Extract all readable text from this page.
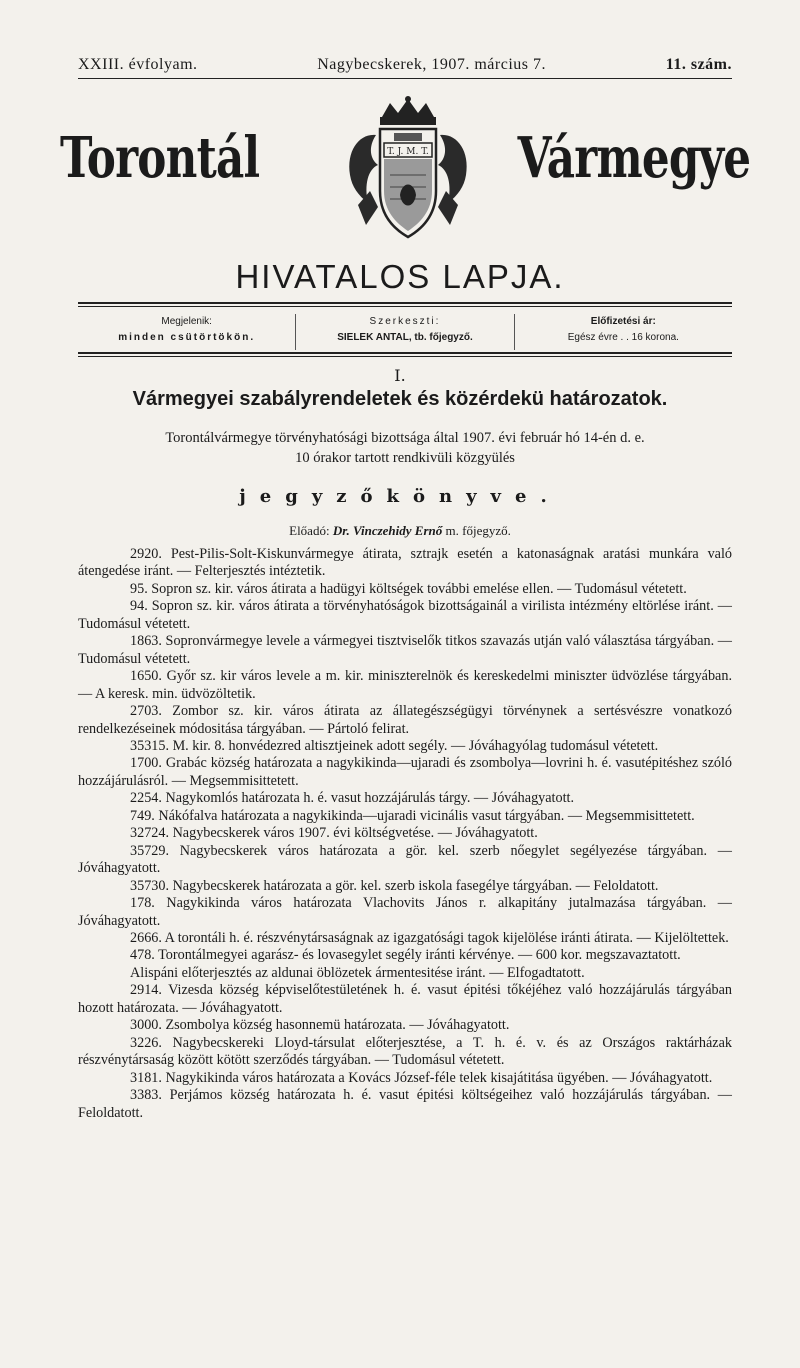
XXIII. évfolyam.	Nagybecskerek, 1907. március 7.	11. szám.
Torontál	T. J. M. T. Vármegye
HIVATALOS LAPJA.
Megjelenik:
minden csütörtökön.
Szerkeszti:
SIELEK ANTAL, tb. főjegyző.
Előfizetési ár:
Egész évre . . 16 korona.
I.
Vármegyei szabályrendeletek és közérdekü határozatok.
Torontálvármegye törvényhatósági bizottsága által 1907. évi február hó 14-én d. e.
10 órakor tartott rendkivüli közgyülés
jegyzőkönyve.
Előadó: Dr. Vinczehidy Ernő m. főjegyző.

2920. Pest-Pilis-Solt-Kiskunvármegye átirata, sztrajk esetén a katonaságnak aratási munkára való átengedése iránt. — Felterjesztés intéztetik.

95. Sopron sz. kir. város átirata a hadügyi költségek további emelése ellen. — Tudomásul vétetett.

94. Sopron sz. kir. város átirata a törvényhatóságok bizottságainál a virilista intézmény eltörlése iránt. — Tudomásul vétetett.

1863. Sopronvármegye levele a vármegyei tisztviselők titkos szavazás utján való választása tárgyában. — Tudomásul vétetett.

1650. Győr sz. kir város levele a m. kir. miniszterelnök és kereskedelmi miniszter üdvözlése tárgyában. — A keresk. min. üdvözöltetik.

2703. Zombor sz. kir. város átirata az állategészségügyi törvénynek a sertésvészre vonatkozó rendelkezéseinek módositása tárgyában. — Pártoló felirat.

35315. M. kir. 8. honvédezred altisztjeinek adott segély. — Jóváhagyólag tudomásul vétetett.

1700. Grabác község határozata a nagykikinda—ujaradi és zsombolya—lovrini h. é. vasutépitéshez szóló hozzájárulásról. — Megsemmisittetett.

2254. Nagykomlós határozata h. é. vasut hozzájárulás tárgy. — Jóváhagyatott.

749. Nákófalva határozata a nagykikinda—ujaradi vicinális vasut tárgyában. — Megsemmisittetett.

32724. Nagybecskerek város 1907. évi költségvetése. — Jóváhagyatott.

35729. Nagybecskerek város határozata a gör. kel. szerb nőegylet segélyezése tárgyában. — Jóváhagyatott.

35730. Nagybecskerek határozata a gör. kel. szerb iskola fasegélye tárgyában. — Feloldatott.

178. Nagykikinda város határozata Vlachovits János r. alkapitány jutalmazása tárgyában. — Jóváhagyatott.

2666. A torontáli h. é. részvénytársaságnak az igazgatósági tagok kijelölése iránti átirata. — Kijelöltettek.

478. Torontálmegyei agarász- és lovasegylet segély iránti kérvénye. — 600 kor. megszavaztatott.

Alispáni előterjesztés az aldunai öblözetek ármentesitése iránt. — Elfogadtatott.

2914. Vizesda község képviselőtestületének h. é. vasut épitési tőkéjéhez való hozzájárulás tárgyában hozott határozata. — Jóváhagyatott.

3000. Zsombolya község hasonnemü határozata. — Jóváhagyatott.

3226. Nagybecskereki Lloyd-társulat előterjesztése, a T. h. é. v. és az Országos raktárházak részvénytársaság között kötött szerződés tárgyában. — Tudomásul vétetett.

3181. Nagykikinda város határozata a Kovács József-féle telek kisajátitása ügyében. — Jóváhagyatott.

3383. Perjámos község határozata h. é. vasut épitési költségeihez való hozzájárulás tárgyában. — Feloldatott.
